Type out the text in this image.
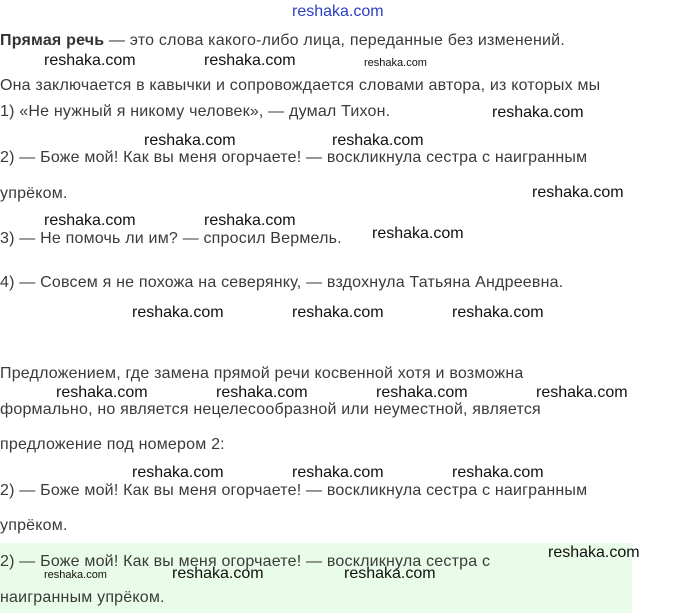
Прямая речь — это слова какого-либо лица, переданные без изменений.
Она заключается в кавычки и сопровождается словами автора, из которых мы
1) «Не нужный я никому человек», — думал Тихон.
2) — Боже мой! Как вы меня огорчаете! — воскликнула сестра с наигранным
упрёком.
3) — Не помочь ли им? — спросил Вермель.
4) — Совсем я не похожа на северянку, — вздохнула Татьяна Андреевна.
Предложением, где замена прямой речи косвенной хотя и возможна
формально, но является нецелесообразной или неуместной, является
предложение под номером 2:
2) — Боже мой! Как вы меня огорчаете! — воскликнула сестра с наигранным
упрёком.
2) — Боже мой! Как вы меня огорчаете! — воскликнула сестра с
наигранным упрёком.
reshaka.com
reshaka.com	reshaka.com	reshaka.com
reshaka.com
reshaka.com	reshaka.com
reshaka.com
reshaka.com	reshaka.com
reshaka.com
reshaka.com	reshaka.com	reshaka.com
reshaka.com	reshaka.com	reshaka.com	reshaka.com
reshaka.com	reshaka.com	reshaka.com
reshaka.com
reshaka.com	reshaka.com	reshaka.com
